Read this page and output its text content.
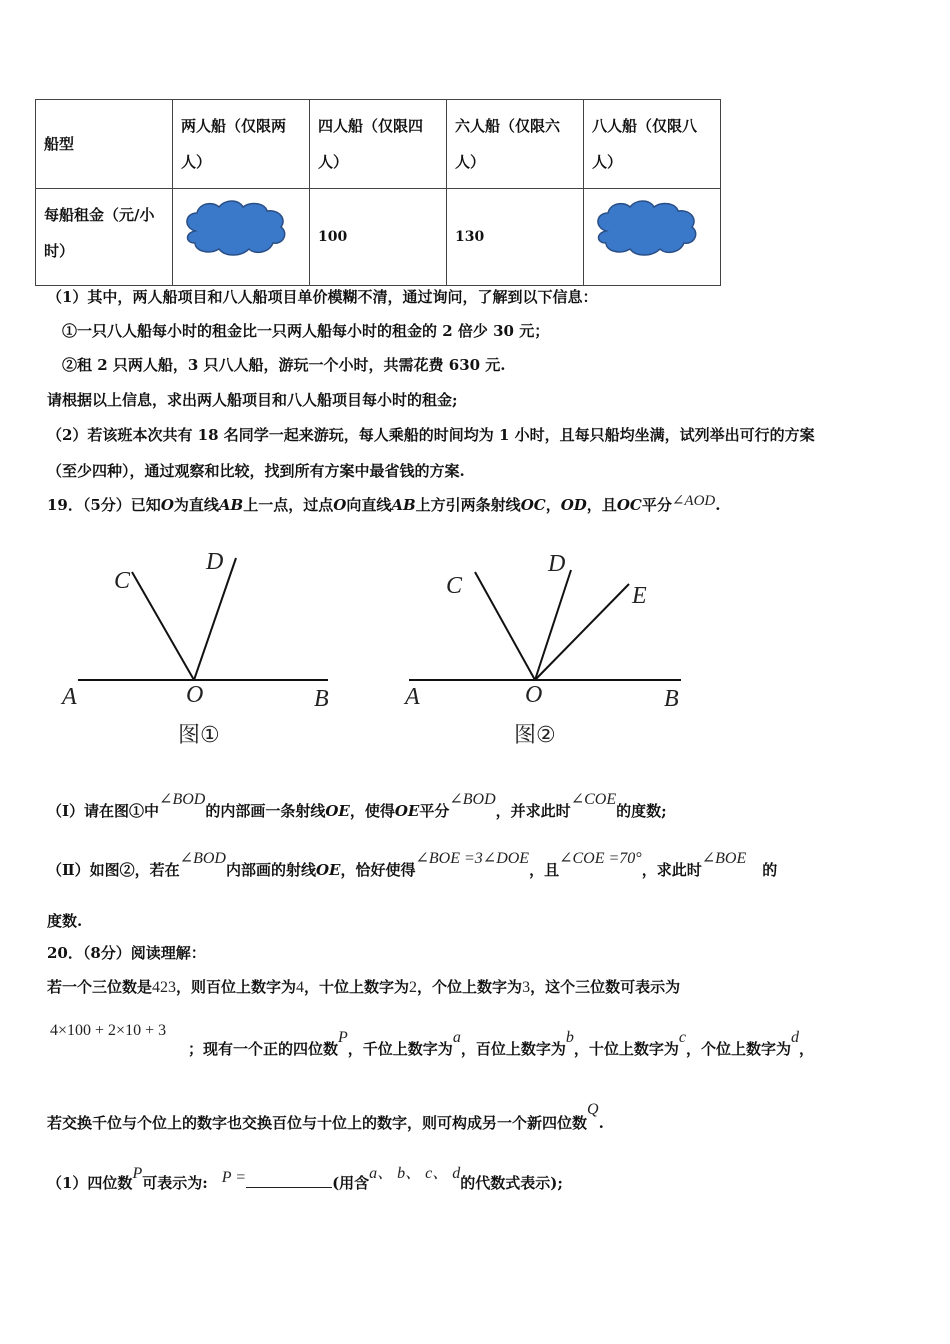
船型	两人船（仅限两人）	四人船（仅限四人）	六人船（仅限六人）	八人船（仅限八人）
每船租金（元/小时）		100	130	
（1）其中，两人船项目和八人船项目单价模糊不清，通过询问，了解到以下信息：
①一只八人船每小时的租金比一只两人船每小时的租金的 2 倍少 30 元；
②租 2 只两人船，3 只八人船，游玩一个小时，共需花费 630 元.
请根据以上信息，求出两人船项目和八人船项目每小时的租金;
（2）若该班本次共有 18 名同学一起来游玩，每人乘船的时间均为 1 小时，且每只船均坐满，试列举出可行的方案
（至少四种），通过观察和比较，找到所有方案中最省钱的方案.
19．（5分）已知O为直线AB上一点，过点O向直线AB上方引两条射线OC，OD，且OC平分∠AOD.
A	O	B
C
D
图①
A	O	B
C
D
E
图②
（Ⅰ）请在图①中∠BOD的内部画一条射线OE，使得OE平分∠BOD，并求此时∠COE的度数;
（Ⅱ）如图②，若在∠BOD内部画的射线OE，恰好使得∠BOE =3∠DOE，且∠COE =70°，求此时∠BOE的
度数.
20．（8分）阅读理解：
若一个三位数是423，则百位上数字为4，十位上数字为2，个位上数字为3，这个三位数可表示为
4×100 + 2×10 + 3
；现有一个正的四位数P，千位上数字为a，百位上数字为b，十位上数字为c，个位上数字为d，
若交换千位与个位上的数字也交换百位与十位上的数字，则可构成另一个新四位数Q.
（1）四位数P可表示为: P =	(用含a、 b、 c、 d的代数式表示);
